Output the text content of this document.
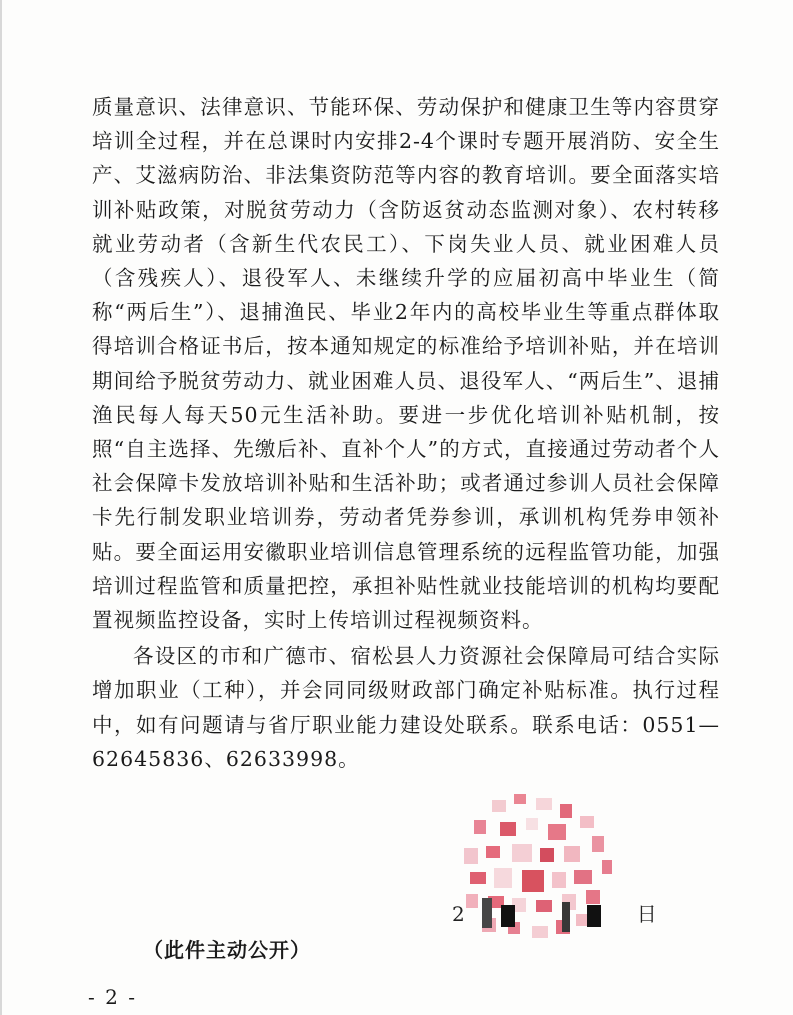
质量意识、法律意识、节能环保、劳动保护和健康卫生等内容贯穿培训全过程，并在总课时内安排2-4个课时专题开展消防、安全生产、艾滋病防治、非法集资防范等内容的教育培训。要全面落实培训补贴政策，对脱贫劳动力（含防返贫动态监测对象）、农村转移就业劳动者（含新生代农民工）、下岗失业人员、就业困难人员（含残疾人）、退役军人、未继续升学的应届初高中毕业生（简称“两后生”）、退捕渔民、毕业2年内的高校毕业生等重点群体取得培训合格证书后，按本通知规定的标准给予培训补贴，并在培训期间给予脱贫劳动力、就业困难人员、退役军人、“两后生”、退捕渔民每人每天50元生活补助。要进一步优化培训补贴机制，按照“自主选择、先缴后补、直补个人”的方式，直接通过劳动者个人社会保障卡发放培训补贴和生活补助；或者通过参训人员社会保障卡先行制发职业培训券，劳动者凭券参训，承训机构凭券申领补贴。要全面运用安徽职业培训信息管理系统的远程监管功能，加强培训过程监管和质量把控，承担补贴性就业技能培训的机构均要配置视频监控设备，实时上传培训过程视频资料。

各设区的市和广德市、宿松县人力资源社会保障局可结合实际增加职业（工种），并会同同级财政部门确定补贴标准。执行过程中，如有问题请与省厅职业能力建设处联系。联系电话：0551—62645836、62633998。

2	日
（此件主动公开）
- 2 -
